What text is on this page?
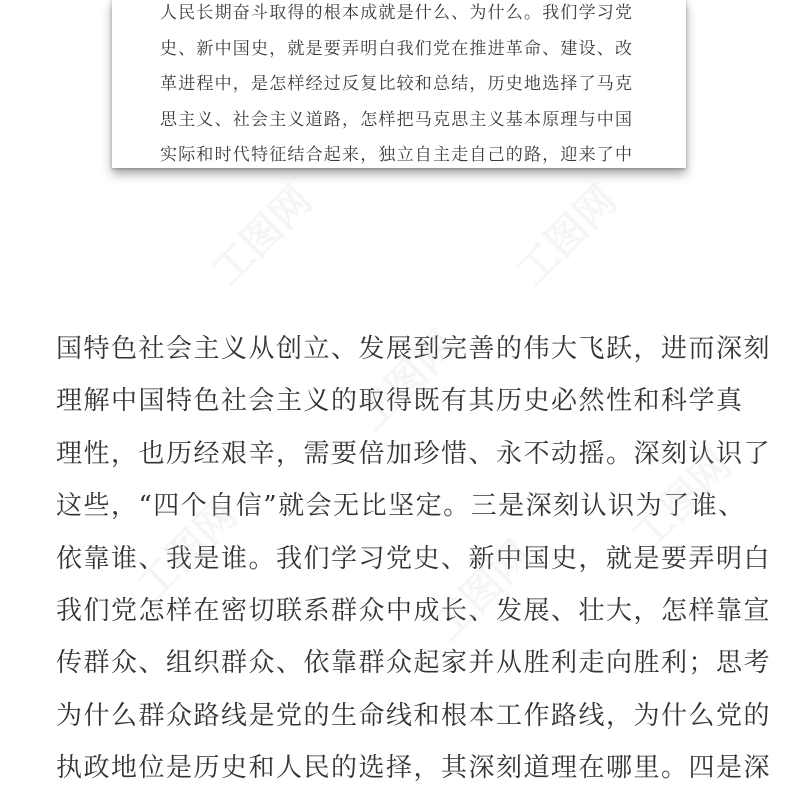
人民长期奋斗取得的根本成就是什么、为什么。我们学习党
史、新中国史，就是要弄明白我们党在推进革命、建设、改
革进程中，是怎样经过反复比较和总结，历史地选择了马克
思主义、社会主义道路，怎样把马克思主义基本原理与中国
实际和时代特征结合起来，独立自主走自己的路，迎来了中
国特色社会主义从创立、发展到完善的伟大飞跃，进而深刻
理解中国特色社会主义的取得既有其历史必然性和科学真
理性，也历经艰辛，需要倍加珍惜、永不动摇。深刻认识了
这些，“四个自信”就会无比坚定。三是深刻认识为了谁、
依靠谁、我是谁。我们学习党史、新中国史，就是要弄明白
我们党怎样在密切联系群众中成长、发展、壮大，怎样靠宣
传群众、组织群众、依靠群众起家并从胜利走向胜利；思考
为什么群众路线是党的生命线和根本工作路线，为什么党的
执政地位是历史和人民的选择，其深刻道理在哪里。四是深
工图网	工图网
工图网
工图网	工图网
工图网
